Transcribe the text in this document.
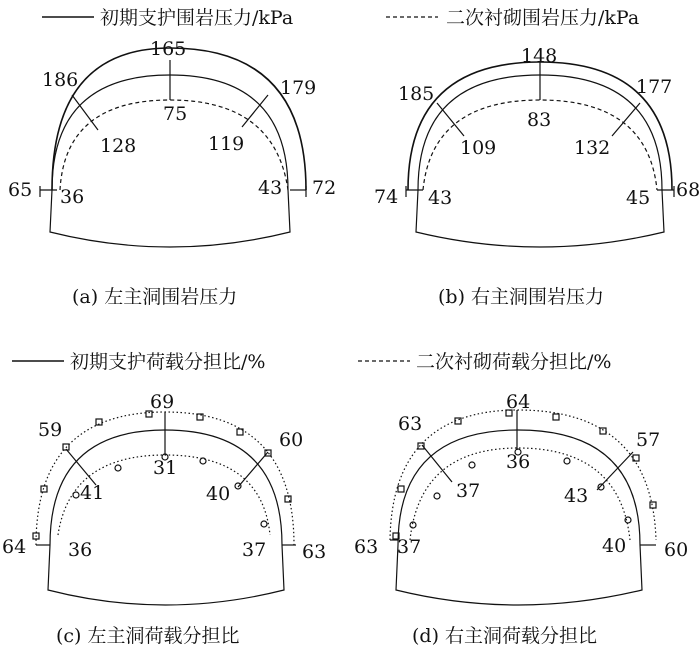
初期支护围岩压力/kPa	二次衬砌围岩压力/kPa
165
186	179
65	72
75
128	119
36	43
(a) 左主洞围岩压力
148
185	177
74	68
83
109	132
43	45
(b) 右主洞围岩压力
初期支护荷载分担比/%	二次衬砌荷载分担比/%
69
59	60
64	63
31
41	40
36	37
(c) 左主洞荷载分担比
64
63
57
63	60
36
37	43
37	40
(d) 右主洞荷载分担比
